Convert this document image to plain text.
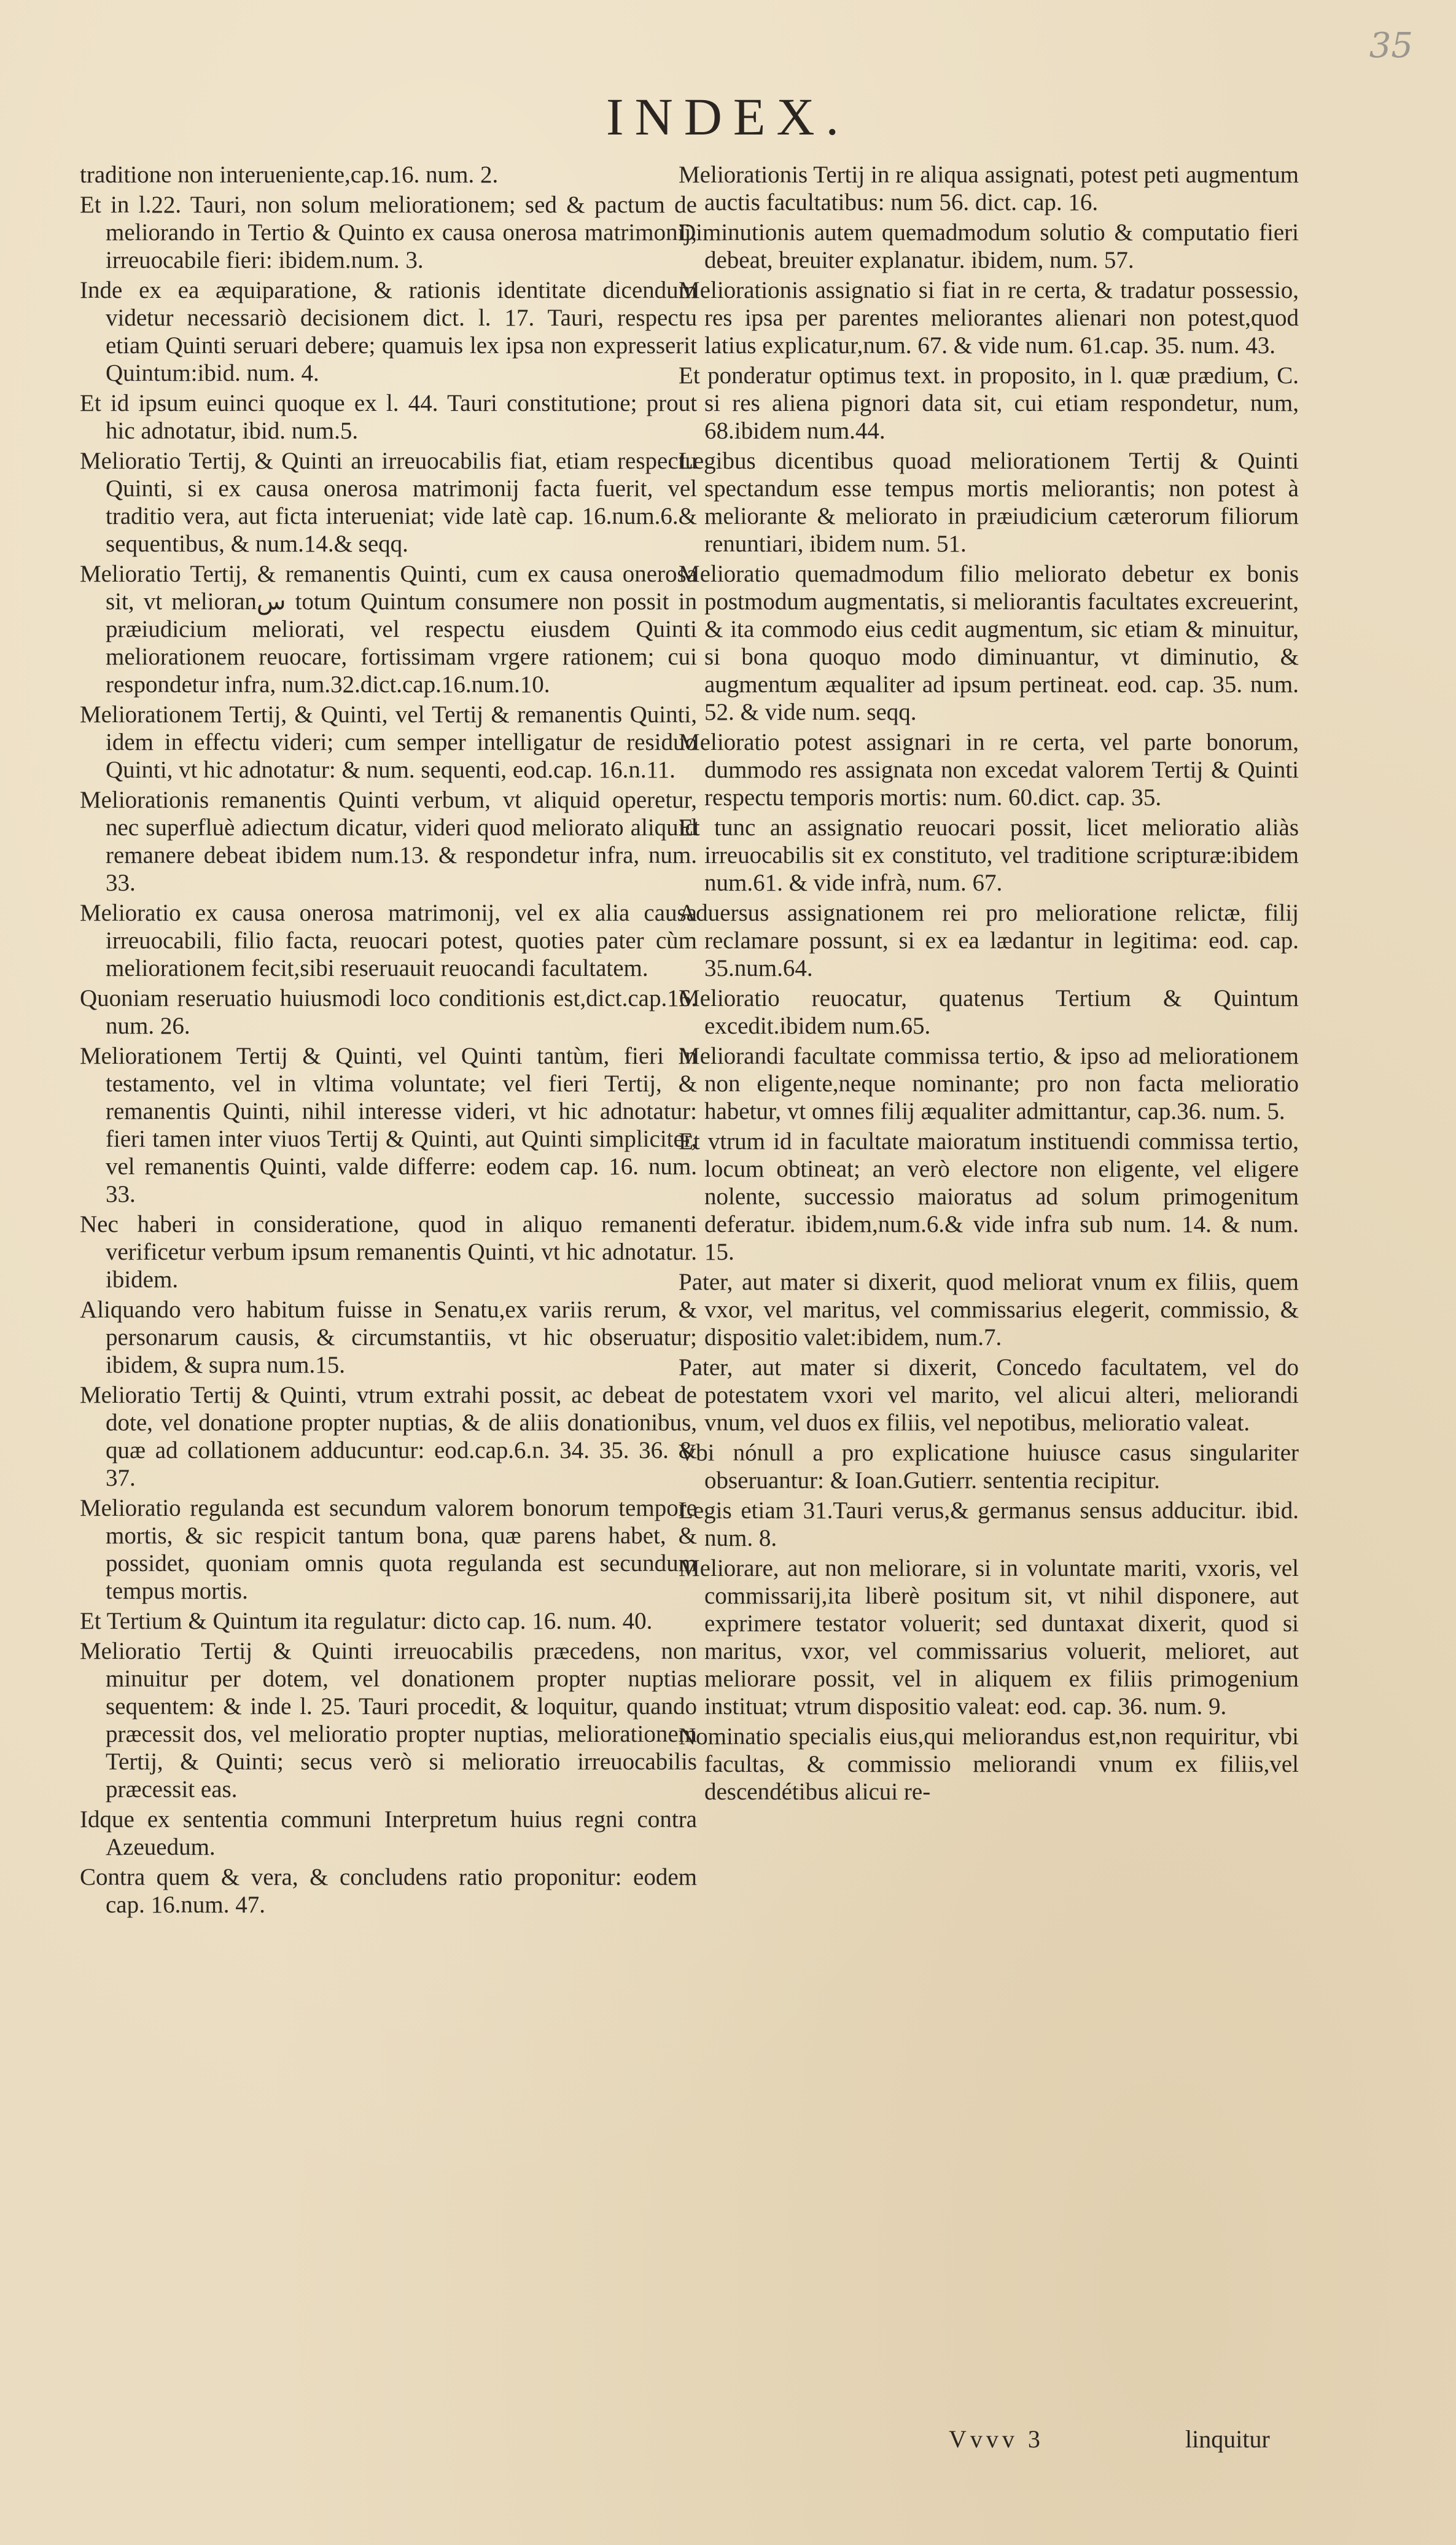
35
INDEX.

traditione non interueniente,cap.16. num. 2.

Et in l.22. Tauri, non solum meliorationem; sed & pactum de meliorando in Tertio & Quinto ex causa onerosa matrimonij, irreuocabile fieri: ibidem.num. 3.

Inde ex ea æquiparatione, & rationis identitate dicendum videtur necessariò decisionem dict. l. 17. Tauri, respectu etiam Quinti seruari debere; quamuis lex ipsa non expresserit Quintum:ibid. num. 4.

Et id ipsum euinci quoque ex l. 44. Tauri constitutione; prout hic adnotatur, ibid. num.5.

Melioratio Tertij, & Quinti an irreuocabilis fiat, etiam respectu Quinti, si ex causa onerosa matrimonij facta fuerit, vel traditio vera, aut ficta interueniat; vide latè cap. 16.num.6.& sequentibus, & num.14.& seqq.

Melioratio Tertij, & remanentis Quinti, cum ex causa onerosa sit, vt melioranس totum Quintum consumere non possit in præiudicium meliorati, vel respectu eiusdem Quinti meliorationem reuocare, fortissimam vrgere rationem; cui respondetur infra, num.32.dict.cap.16.num.10.

Meliorationem Tertij, & Quinti, vel Tertij & remanentis Quinti, idem in effectu videri; cum semper intelligatur de residuo Quinti, vt hic adnotatur: & num. sequenti, eod.cap. 16.n.11.

Meliorationis remanentis Quinti verbum, vt aliquid operetur, nec superfluè adiectum dicatur, videri quod meliorato aliquid remanere debeat ibidem num.13. & respondetur infra, num. 33.

Melioratio ex causa onerosa matrimonij, vel ex alia causa irreuocabili, filio facta, reuocari potest, quoties pater cùm meliorationem fecit,sibi reseruauit reuocandi facultatem.

Quoniam reseruatio huiusmodi loco conditionis est,dict.cap.16. num. 26.

Meliorationem Tertij & Quinti, vel Quinti tantùm, fieri in testamento, vel in vltima voluntate; vel fieri Tertij, & remanentis Quinti, nihil interesse videri, vt hic adnotatur: fieri tamen inter viuos Tertij & Quinti, aut Quinti simpliciter, vel remanentis Quinti, valde differre: eodem cap. 16. num. 33.

Nec haberi in consideratione, quod in aliquo remanenti verificetur verbum ipsum remanentis Quinti, vt hic adnotatur. ibidem.

Aliquando vero habitum fuisse in Senatu,ex variis rerum, & personarum causis, & circumstantiis, vt hic obseruatur; ibidem, & supra num.15.

Melioratio Tertij & Quinti, vtrum extrahi possit, ac debeat de dote, vel donatione propter nuptias, & de aliis donationibus, quæ ad collationem adducuntur: eod.cap.6.n. 34. 35. 36. & 37.

Melioratio regulanda est secundum valorem bonorum tempore mortis, & sic respicit tantum bona, quæ parens habet, & possidet, quoniam omnis quota regulanda est secundum tempus mortis.

Et Tertium & Quintum ita regulatur: dicto cap. 16. num. 40.

Melioratio Tertij & Quinti irreuocabilis præcedens, non minuitur per dotem, vel donationem propter nuptias sequentem: & inde l. 25. Tauri procedit, & loquitur, quando præcessit dos, vel melioratio propter nuptias, meliorationem Tertij, & Quinti; secus verò si melioratio irreuocabilis præcessit eas.

Idque ex sententia communi Interpretum huius regni contra Azeuedum.

Contra quem & vera, & concludens ratio proponitur: eodem cap. 16.num. 47.

Meliorationis Tertij in re aliqua assignati, potest peti augmentum auctis facultatibus: num 56. dict. cap. 16.

Diminutionis autem quemadmodum solutio & computatio fieri debeat, breuiter explanatur. ibidem, num. 57.

Meliorationis assignatio si fiat in re certa, & tradatur possessio, res ipsa per parentes meliorantes alienari non potest,quod latius explicatur,num. 67. & vide num. 61.cap. 35. num. 43.

Et ponderatur optimus text. in proposito, in l. quæ prædium, C. si res aliena pignori data sit, cui etiam respondetur, num, 68.ibidem num.44.

Legibus dicentibus quoad meliorationem Tertij & Quinti spectandum esse tempus mortis meliorantis; non potest à meliorante & meliorato in præiudicium cæterorum filiorum renuntiari, ibidem num. 51.

Melioratio quemadmodum filio meliorato debetur ex bonis postmodum augmentatis, si meliorantis facultates excreuerint, & ita commodo eius cedit augmentum, sic etiam & minuitur, si bona quoquo modo diminuantur, vt diminutio, & augmentum æqualiter ad ipsum pertineat. eod. cap. 35. num. 52. & vide num. seqq.

Melioratio potest assignari in re certa, vel parte bonorum, dummodo res assignata non excedat valorem Tertij & Quinti respectu temporis mortis: num. 60.dict. cap. 35.

Et tunc an assignatio reuocari possit, licet melioratio aliàs irreuocabilis sit ex constituto, vel traditione scripturæ:ibidem num.61. & vide infrà, num. 67.

Aduersus assignationem rei pro melioratione relictæ, filij reclamare possunt, si ex ea lædantur in legitima: eod. cap. 35.num.64.

Melioratio reuocatur, quatenus Tertium & Quintum excedit.ibidem num.65.

Meliorandi facultate commissa tertio, & ipso ad meliorationem non eligente,neque nominante; pro non facta melioratio habetur, vt omnes filij æqualiter admittantur, cap.36. num. 5.

Et vtrum id in facultate maioratum instituendi commissa tertio, locum obtineat; an verò electore non eligente, vel eligere nolente, successio maioratus ad solum primogenitum deferatur. ibidem,num.6.& vide infra sub num. 14. & num. 15.

Pater, aut mater si dixerit, quod meliorat vnum ex filiis, quem vxor, vel maritus, vel commissarius elegerit, commissio, & dispositio valet:ibidem, num.7.

Pater, aut mater si dixerit, Concedo facultatem, vel do potestatem vxori vel marito, vel alicui alteri, meliorandi vnum, vel duos ex filiis, vel nepotibus, melioratio valeat.

Vbi nónull a pro explicatione huiusce casus singulariter obseruantur: & Ioan.Gutierr. sententia recipitur.

Legis etiam 31.Tauri verus,& germanus sensus adducitur. ibid. num. 8.

Meliorare, aut non meliorare, si in voluntate mariti, vxoris, vel commissarij,ita liberè positum sit, vt nihil disponere, aut exprimere testator voluerit; sed duntaxat dixerit, quod si maritus, vxor, vel commissarius voluerit, melioret, aut meliorare possit, vel in aliquem ex filiis primogenium instituat; vtrum dispositio valeat: eod. cap. 36. num. 9.

Nominatio specialis eius,qui meliorandus est,non requiritur, vbi facultas, & commissio meliorandi vnum ex filiis,vel descendétibus alicui re-

Vvvv 3	linquitur
